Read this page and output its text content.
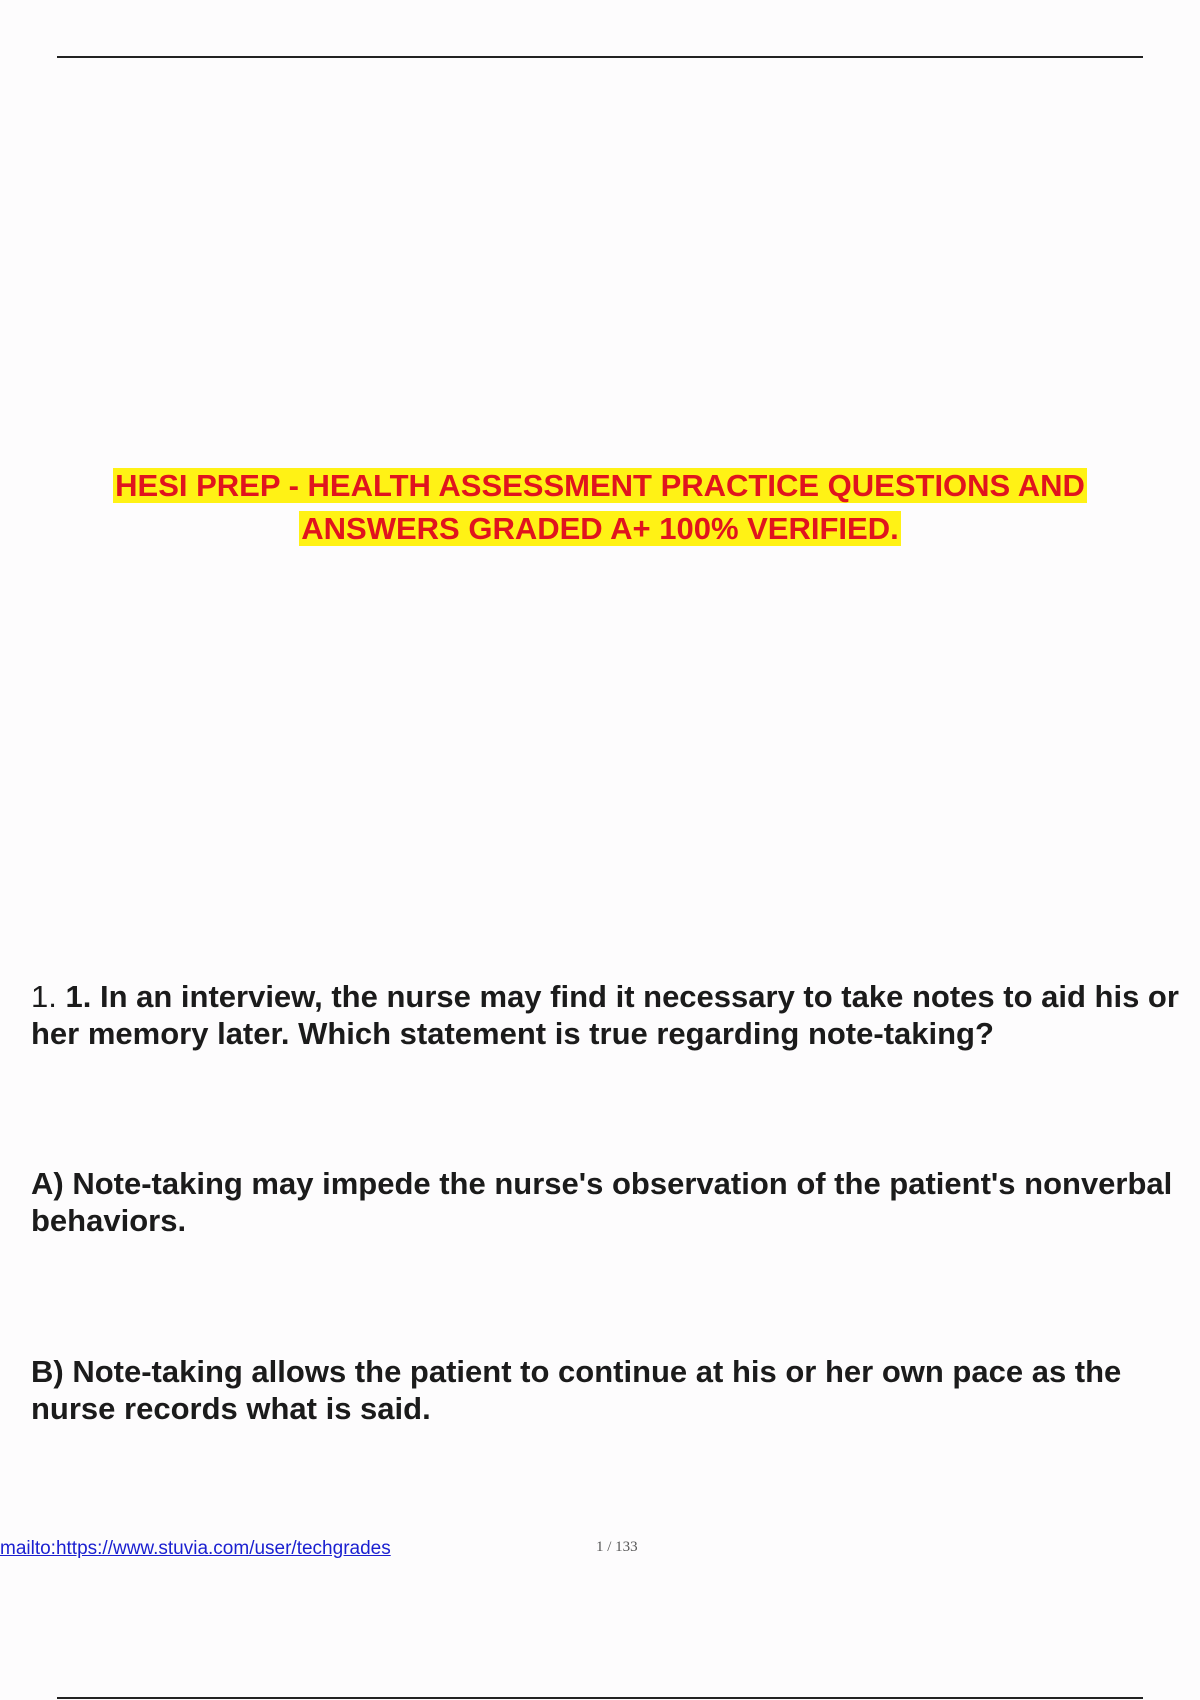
HESI PREP - HEALTH ASSESSMENT PRACTICE QUESTIONS AND
ANSWERS GRADED A+ 100% VERIFIED.
1. 1. In an interview, the nurse may find it necessary to take notes to aid his or
her memory later. Which statement is true regarding note-taking?
A) Note-taking may impede the nurse's observation of the patient's nonverbal
behaviors.
B) Note-taking allows the patient to continue at his or her own pace as the
nurse records what is said.
mailto:https://www.stuvia.com/user/techgrades	1 / 133
